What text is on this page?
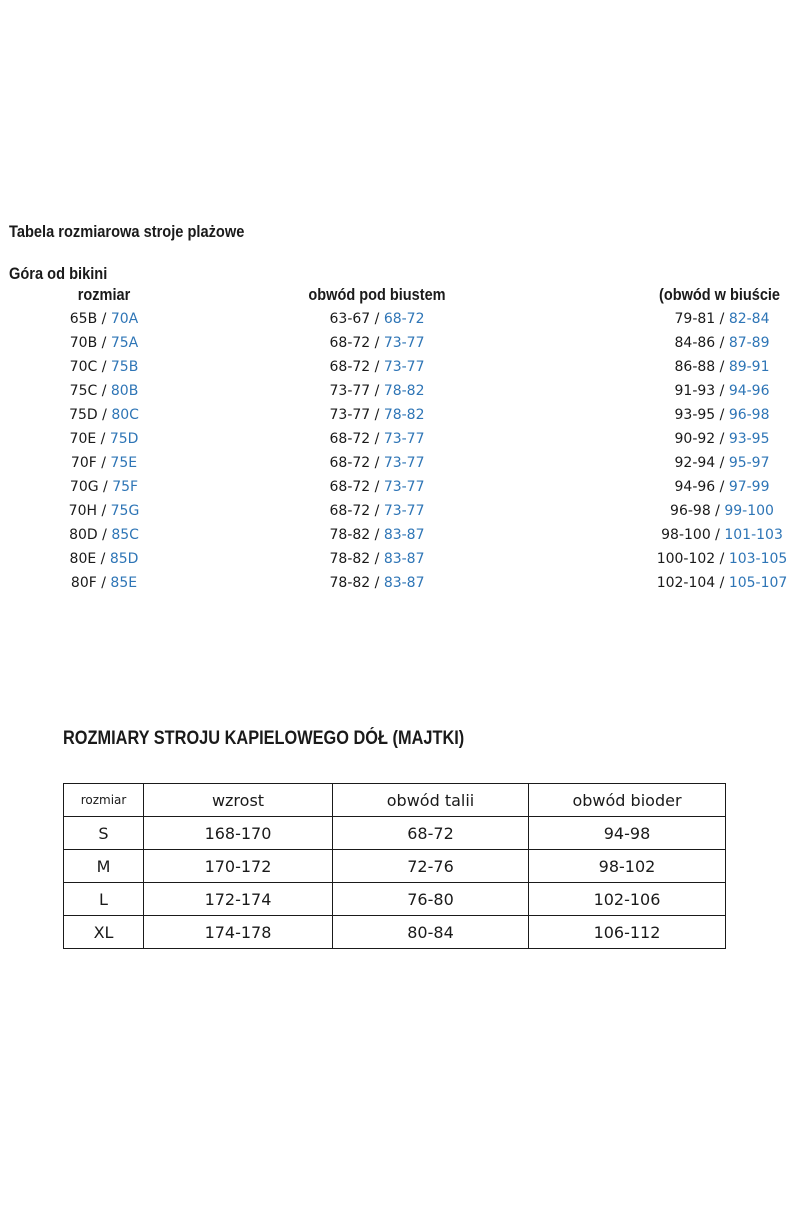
Tabela rozmiarowa stroje plażowe
Góra od bikini
rozmiar	obwód pod biustem	(obwód w biuście
65B / 70A	63-67 / 68-72	79-81 / 82-84
70B / 75A	68-72 / 73-77	84-86 / 87-89
70C / 75B	68-72 / 73-77	86-88 / 89-91
75C / 80B	73-77 / 78-82	91-93 / 94-96
75D / 80C	73-77 / 78-82	93-95 / 96-98
70E / 75D	68-72 / 73-77	90-92 / 93-95
70F / 75E	68-72 / 73-77	92-94 / 95-97
70G / 75F	68-72 / 73-77	94-96 / 97-99
70H / 75G	68-72 / 73-77	96-98 / 99-100
80D / 85C	78-82 / 83-87	98-100 / 101-103
80E / 85D	78-82 / 83-87	100-102 / 103-105
80F / 85E	78-82 / 83-87	102-104 / 105-107
ROZMIARY STROJU KAPIELOWEGO DÓŁ (MAJTKI)
rozmiar	wzrost	obwód talii	obwód bioder
S	168-170	68-72	94-98
M	170-172	72-76	98-102
L	172-174	76-80	102-106
XL	174-178	80-84	106-112
